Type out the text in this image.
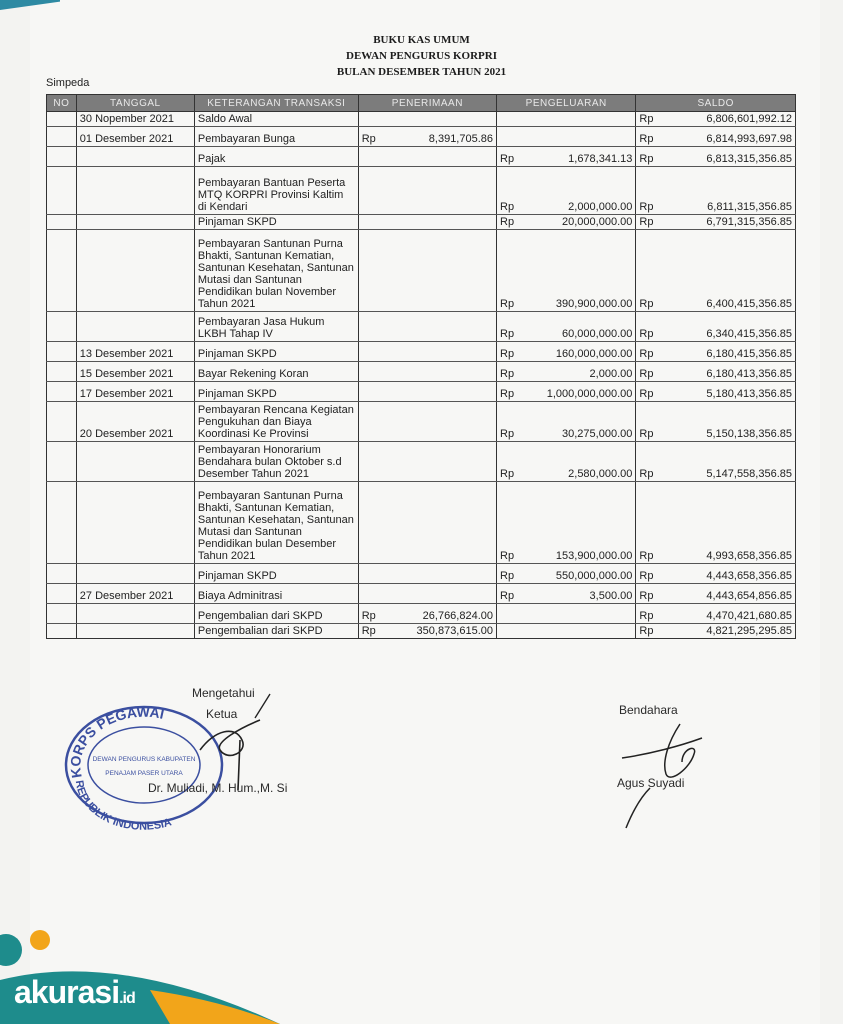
BUKU KAS UMUM
DEWAN PENGURUS KORPRI
BULAN DESEMBER TAHUN 2021
Simpeda
NO	TANGGAL	KETERANGAN TRANSAKSI	PENERIMAAN	PENGELUARAN	SALDO
	30 Nopember 2021	Saldo Awal			Rp 6,806,601,992.12

	01 Desember 2021	Pembayaran Bunga	Rp 8,391,705.86		Rp 6,814,993,697.98

		Pajak		Rp 1,678,341.13	Rp 6,813,315,356.85

		Pembayaran Bantuan Peserta MTQ KORPRI Provinsi Kaltim di Kendari		Rp 2,000,000.00	Rp 6,811,315,356.85

		Pinjaman SKPD		Rp 20,000,000.00	Rp 6,791,315,356.85

		Pembayaran Santunan Purna Bhakti, Santunan Kematian, Santunan Kesehatan, Santunan Mutasi dan Santunan Pendidikan bulan November Tahun 2021		Rp 390,900,000.00	Rp 6,400,415,356.85

		Pembayaran Jasa Hukum LKBH Tahap IV		Rp 60,000,000.00	Rp 6,340,415,356.85

	13 Desember 2021	Pinjaman SKPD		Rp 160,000,000.00	Rp 6,180,415,356.85

	15 Desember 2021	Bayar Rekening Koran		Rp 2,000.00	Rp 6,180,413,356.85

	17 Desember 2021	Pinjaman SKPD		Rp 1,000,000,000.00	Rp 5,180,413,356.85

	20 Desember 2021	Pembayaran Rencana Kegiatan Pengukuhan dan Biaya Koordinasi Ke Provinsi		Rp 30,275,000.00	Rp 5,150,138,356.85

		Pembayaran Honorarium Bendahara bulan Oktober s.d Desember Tahun 2021		Rp 2,580,000.00	Rp 5,147,558,356.85

		Pembayaran Santunan Purna Bhakti, Santunan Kematian, Santunan Kesehatan, Santunan Mutasi dan Santunan Pendidikan bulan Desember Tahun 2021		Rp 153,900,000.00	Rp 4,993,658,356.85

		Pinjaman SKPD		Rp 550,000,000.00	Rp 4,443,658,356.85

	27 Desember 2021	Biaya Adminitrasi		Rp 3,500.00	Rp 4,443,654,856.85

		Pengembalian dari SKPD	Rp 26,766,824.00		Rp 4,470,421,680.85

		Pengembalian dari SKPD	Rp 350,873,615.00		Rp 4,821,295,295.85
KORPS PEGAWAI
DEWAN PENGURUS KABUPATEN
PENAJAM PASER UTARA
REPUBLIK INDONESIA
Mengetahui
Ketua
Dr. Muliadi, M. Hum.,M. Si
Bendahara
Agus Suyadi
akurasi.id
